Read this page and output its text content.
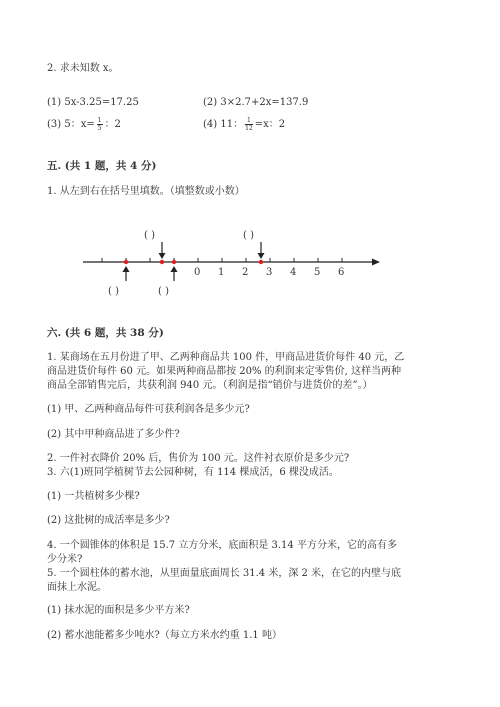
2. 求未知数 x。
(1) 5x-3.25=17.25	(2) 3×2.7+2x=137.9
(3) 5：$x= \frac{1}{5}$ ：2	(4) 11： $\frac{1}{12} =x$：2
五. (共 1 题，共 4 分)
1. 从左到右在括号里填数。（填整数或小数）
( )	( )
0 1 2 3 4 5 6
( )	( )
六. (共 6 题，共 38 分)
1. 某商场在五月份进了甲、乙两种商品共 100 件，甲商品进货价每件 40 元，乙
商品进货价每件 60 元。如果两种商品都按 20% 的利润来定零售价, 这样当两种
商品全部销售完后，共获利润 940 元。（利润是指“销价与进货价的差”。）
(1) 甲、乙两种商品每件可获利润各是多少元?
(2) 其中甲种商品进了多少件?
2. 一件衬衣降价 20% 后，售价为 100 元。这件衬衣原价是多少元?
3. 六(1)班同学植树节去公园种树，有 114 棵成活，6 棵没成活。
(1) 一共植树多少棵?
(2) 这批树的成活率是多少?
4. 一个圆锥体的体积是 15.7 立方分米，底面积是 3.14 平方分米，它的高有多
少分米?
5. 一个圆柱体的蓄水池，从里面量底面周长 31.4 米，深 2 米，在它的内壁与底
面抹上水泥。
(1) 抹水泥的面积是多少平方米?
(2) 蓄水池能蓄多少吨水?（每立方米水约重 1.1 吨）
